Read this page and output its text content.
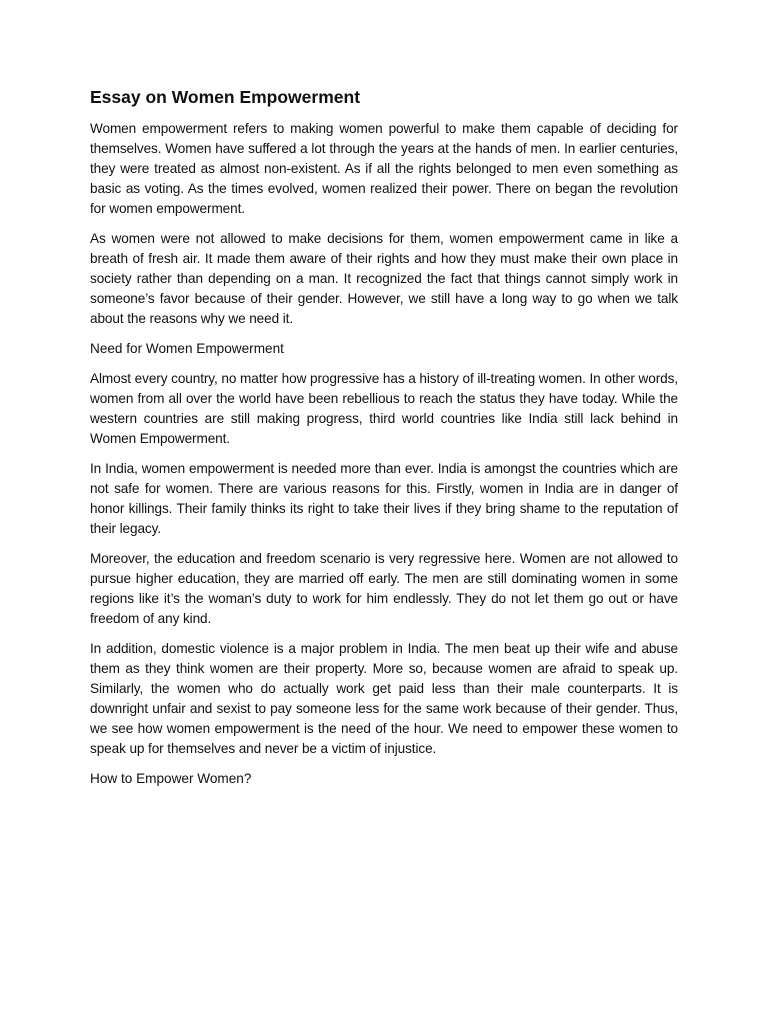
Essay on Women Empowerment

Women empowerment refers to making women powerful to make them capable of deciding for themselves. Women have suffered a lot through the years at the hands of men. In earlier centuries, they were treated as almost non-existent. As if all the rights belonged to men even something as basic as voting. As the times evolved, women realized their power. There on began the revolution for women empowerment.

As women were not allowed to make decisions for them, women empowerment came in like a breath of fresh air. It made them aware of their rights and how they must make their own place in society rather than depending on a man. It recognized the fact that things cannot simply work in someone’s favor because of their gender. However, we still have a long way to go when we talk about the reasons why we need it.

Need for Women Empowerment

Almost every country, no matter how progressive has a history of ill-treating women. In other words, women from all over the world have been rebellious to reach the status they have today. While the western countries are still making progress, third world countries like India still lack behind in Women Empowerment.

In India, women empowerment is needed more than ever. India is amongst the countries which are not safe for women. There are various reasons for this. Firstly, women in India are in danger of honor killings. Their family thinks its right to take their lives if they bring shame to the reputation of their legacy.

Moreover, the education and freedom scenario is very regressive here. Women are not allowed to pursue higher education, they are married off early. The men are still dominating women in some regions like it’s the woman’s duty to work for him endlessly. They do not let them go out or have freedom of any kind.

In addition, domestic violence is a major problem in India. The men beat up their wife and abuse them as they think women are their property. More so, because women are afraid to speak up. Similarly, the women who do actually work get paid less than their male counterparts. It is downright unfair and sexist to pay someone less for the same work because of their gender. Thus, we see how women empowerment is the need of the hour. We need to empower these women to speak up for themselves and never be a victim of injustice.

How to Empower Women?
